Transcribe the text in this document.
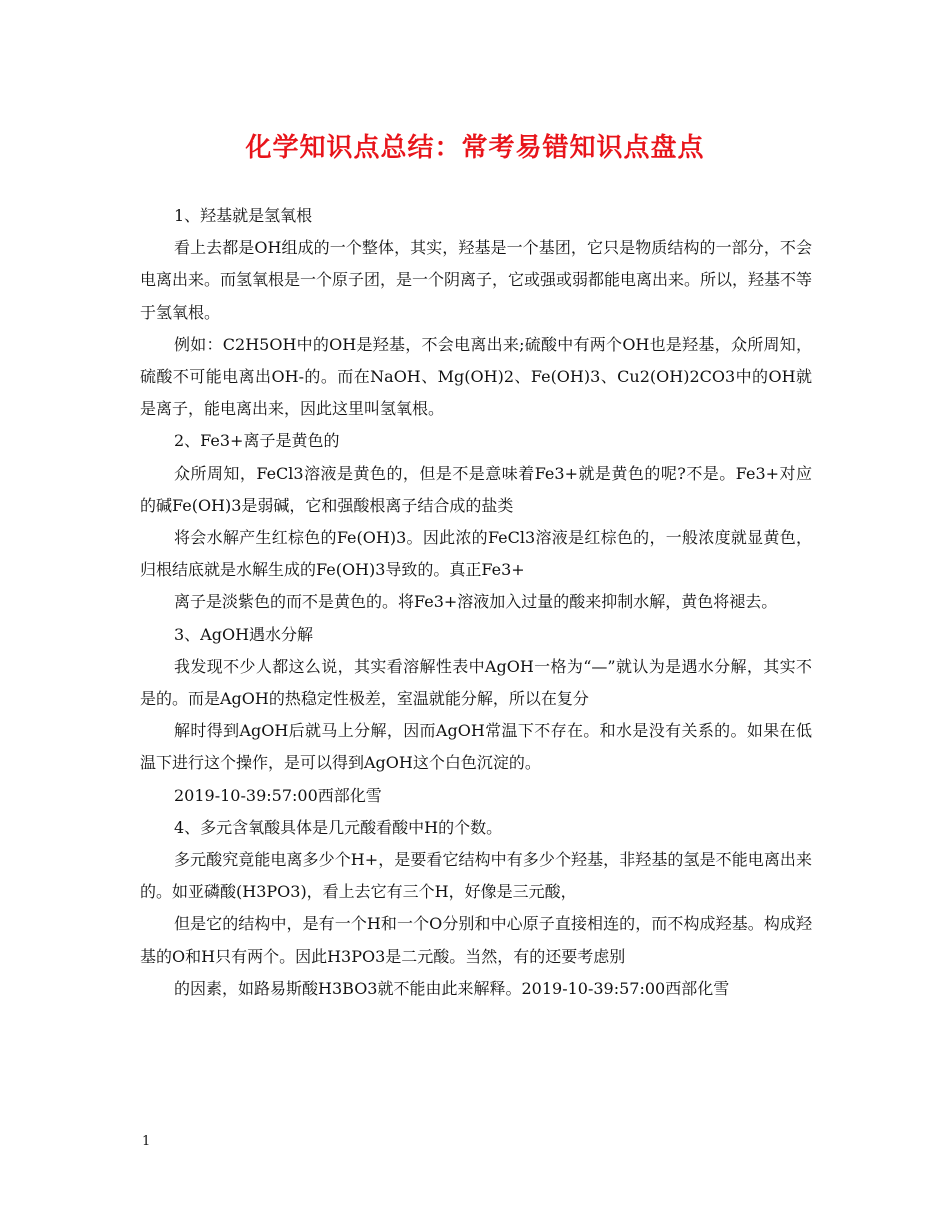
化学知识点总结：常考易错知识点盘点

1、羟基就是氢氧根

看上去都是OH组成的一个整体，其实，羟基是一个基团，它只是物质结构的一部分，不会电离出来。而氢氧根是一个原子团，是一个阴离子，它或强或弱都能电离出来。所以，羟基不等于氢氧根。

例如：C2H5OH中的OH是羟基，不会电离出来;硫酸中有两个OH也是羟基，众所周知，硫酸不可能电离出OH-的。而在NaOH、Mg(OH)2、Fe(OH)3、Cu2(OH)2CO3中的OH就是离子，能电离出来，因此这里叫氢氧根。

2、Fe3+离子是黄色的

众所周知，FeCl3溶液是黄色的，但是不是意味着Fe3+就是黄色的呢?不是。Fe3+对应的碱Fe(OH)3是弱碱，它和强酸根离子结合成的盐类

将会水解产生红棕色的Fe(OH)3。因此浓的FeCl3溶液是红棕色的，一般浓度就显黄色，归根结底就是水解生成的Fe(OH)3导致的。真正Fe3+

离子是淡紫色的而不是黄色的。将Fe3+溶液加入过量的酸来抑制水解，黄色将褪去。

3、AgOH遇水分解

我发现不少人都这么说，其实看溶解性表中AgOH一格为“—”就认为是遇水分解，其实不是的。而是AgOH的热稳定性极差，室温就能分解，所以在复分

解时得到AgOH后就马上分解，因而AgOH常温下不存在。和水是没有关系的。如果在低温下进行这个操作，是可以得到AgOH这个白色沉淀的。

2019-10-39:57:00西部化雪

4、多元含氧酸具体是几元酸看酸中H的个数。

多元酸究竟能电离多少个H+，是要看它结构中有多少个羟基，非羟基的氢是不能电离出来的。如亚磷酸(H3PO3)，看上去它有三个H，好像是三元酸，

但是它的结构中，是有一个H和一个O分别和中心原子直接相连的，而不构成羟基。构成羟基的O和H只有两个。因此H3PO3是二元酸。当然，有的还要考虑别

的因素，如路易斯酸H3BO3就不能由此来解释。2019-10-39:57:00西部化雪

1
